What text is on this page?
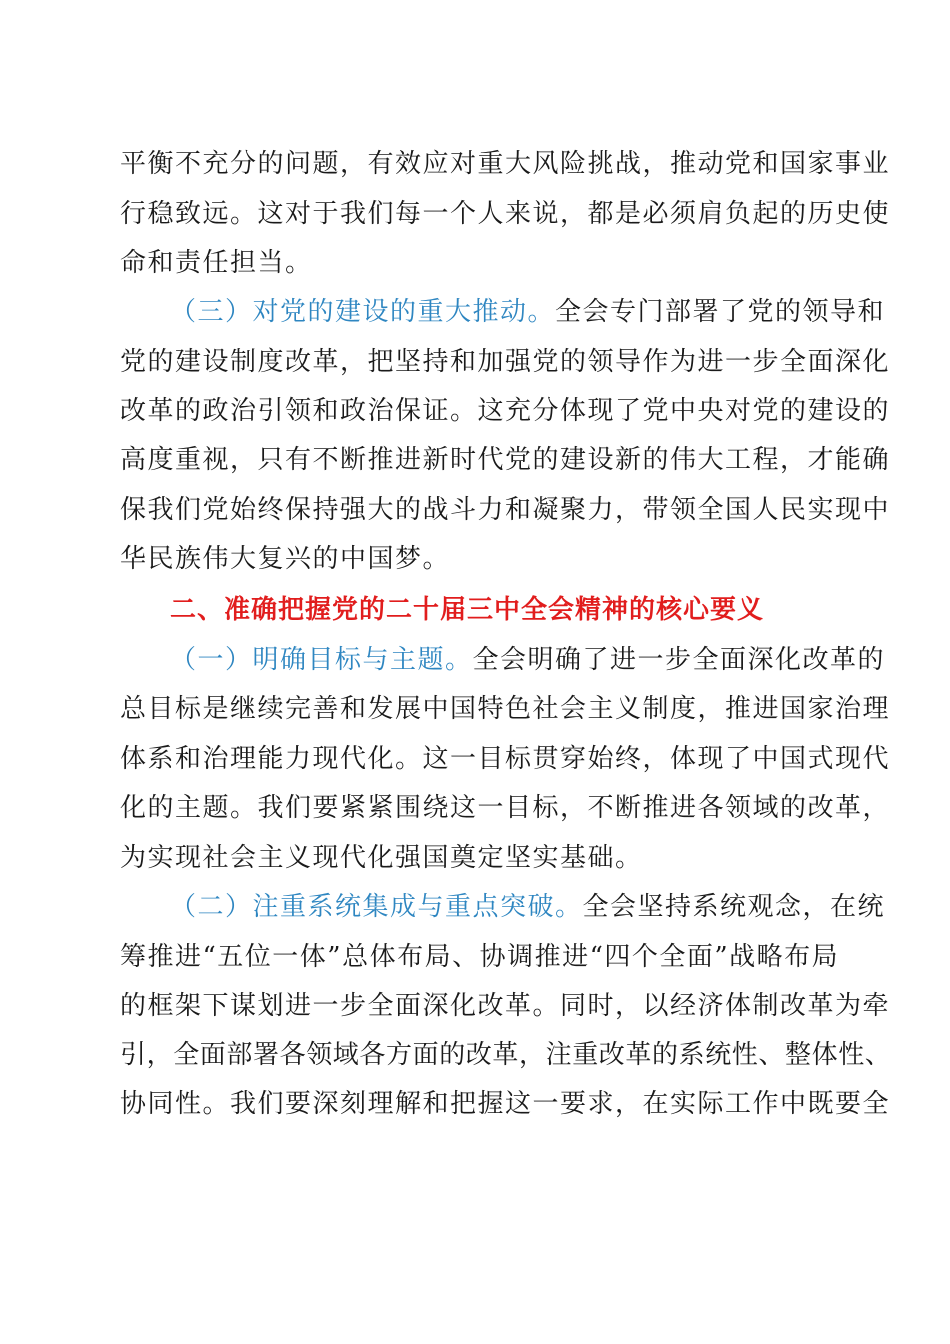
平衡不充分的问题，有效应对重大风险挑战，推动党和国家事业
行稳致远。这对于我们每一个人来说，都是必须肩负起的历史使
命和责任担当。
（三）对党的建设的重大推动。全会专门部署了党的领导和
党的建设制度改革，把坚持和加强党的领导作为进一步全面深化
改革的政治引领和政治保证。这充分体现了党中央对党的建设的
高度重视，只有不断推进新时代党的建设新的伟大工程，才能确
保我们党始终保持强大的战斗力和凝聚力，带领全国人民实现中
华民族伟大复兴的中国梦。
二、准确把握党的二十届三中全会精神的核心要义
（一）明确目标与主题。全会明确了进一步全面深化改革的
总目标是继续完善和发展中国特色社会主义制度，推进国家治理
体系和治理能力现代化。这一目标贯穿始终，体现了中国式现代
化的主题。我们要紧紧围绕这一目标，不断推进各领域的改革，
为实现社会主义现代化强国奠定坚实基础。
（二）注重系统集成与重点突破。全会坚持系统观念，在统
筹推进“五位一体”总体布局、协调推进“四个全面”战略布局
的框架下谋划进一步全面深化改革。同时，以经济体制改革为牵
引，全面部署各领域各方面的改革，注重改革的系统性、整体性、
协同性。我们要深刻理解和把握这一要求，在实际工作中既要全
